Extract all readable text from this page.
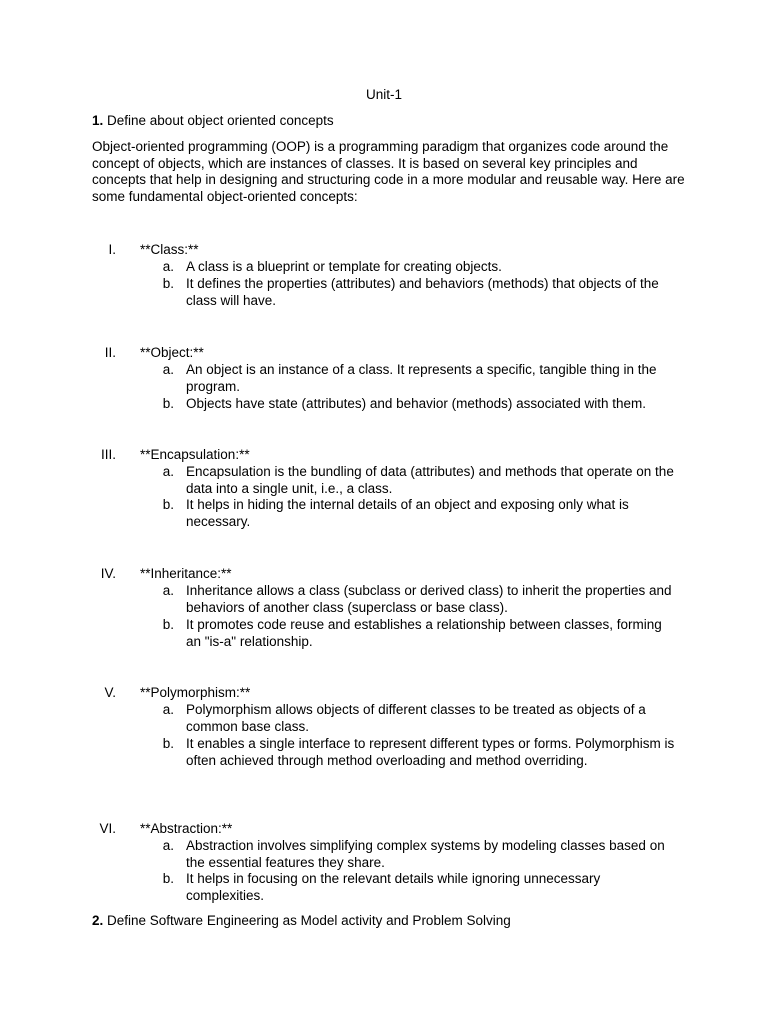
Unit-1
1. Define about object oriented concepts
Object-oriented programming (OOP) is a programming paradigm that organizes code around the concept of objects, which are instances of classes. It is based on several key principles and concepts that help in designing and structuring code in a more modular and reusable way. Here are some fundamental object-oriented concepts:
I. **Class:**
a. A class is a blueprint or template for creating objects.
b. It defines the properties (attributes) and behaviors (methods) that objects of the class will have.
II. **Object:**
a. An object is an instance of a class. It represents a specific, tangible thing in the program.
b. Objects have state (attributes) and behavior (methods) associated with them.
III. **Encapsulation:**
a. Encapsulation is the bundling of data (attributes) and methods that operate on the data into a single unit, i.e., a class.
b. It helps in hiding the internal details of an object and exposing only what is necessary.
IV. **Inheritance:**
a. Inheritance allows a class (subclass or derived class) to inherit the properties and behaviors of another class (superclass or base class).
b. It promotes code reuse and establishes a relationship between classes, forming an "is-a" relationship.
V. **Polymorphism:**
a. Polymorphism allows objects of different classes to be treated as objects of a common base class.
b. It enables a single interface to represent different types or forms. Polymorphism is often achieved through method overloading and method overriding.
VI. **Abstraction:**
a. Abstraction involves simplifying complex systems by modeling classes based on the essential features they share.
b. It helps in focusing on the relevant details while ignoring unnecessary complexities.
2. Define Software Engineering as Model activity and Problem Solving
